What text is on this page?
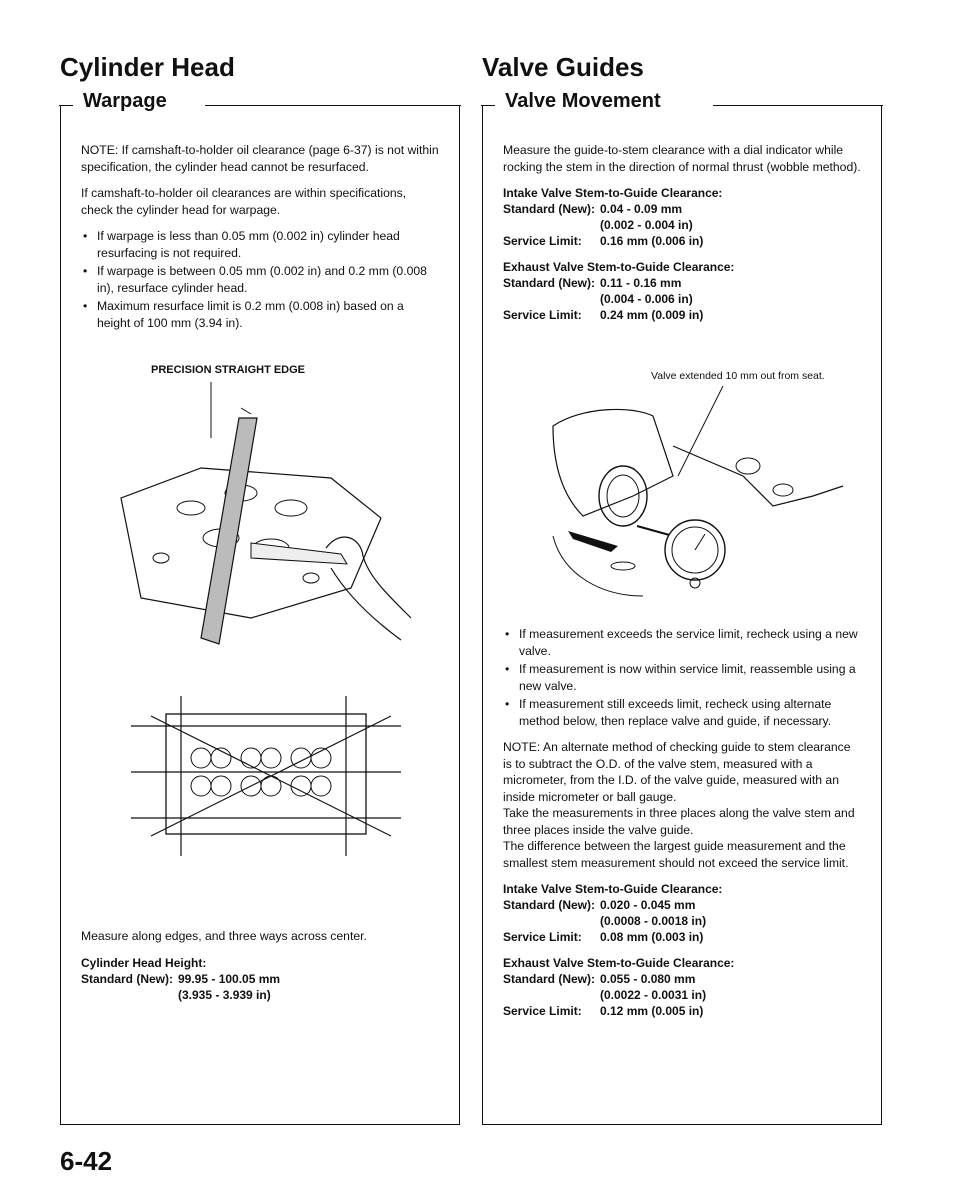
Cylinder Head
Warpage

NOTE: If camshaft-to-holder oil clearance (page 6-37) is not within specification, the cylinder head cannot be resurfaced.

If camshaft-to-holder oil clearances are within specifications, check the cylinder head for warpage.

• If warpage is less than 0.05 mm (0.002 in) cylinder head resurfacing is not required.
• If warpage is between 0.05 mm (0.002 in) and 0.2 mm (0.008 in), resurface cylinder head.
• Maximum resurface limit is 0.2 mm (0.008 in) based on a height of 100 mm (3.94 in).
PRECISION STRAIGHT EDGE

Measure along edges, and three ways across center.

Cylinder Head Height:
Standard (New): 99.95 - 100.05 mm
(3.935 - 3.939 in)
Valve Guides
Valve Movement

Measure the guide-to-stem clearance with a dial indicator while rocking the stem in the direction of normal thrust (wobble method).

Intake Valve Stem-to-Guide Clearance:
Standard (New): 0.04 - 0.09 mm
(0.002 - 0.004 in)
Service Limit:	0.16 mm (0.006 in)
Exhaust Valve Stem-to-Guide Clearance:
Standard (New): 0.11 - 0.16 mm
(0.004 - 0.006 in)
Service Limit:	0.24 mm (0.009 in)
Valve extended 10 mm out from seat.
• If measurement exceeds the service limit, recheck using a new valve.
• If measurement is now within service limit, reassemble using a new valve.
• If measurement still exceeds limit, recheck using alternate method below, then replace valve and guide, if necessary.

NOTE: An alternate method of checking guide to stem clearance is to subtract the O.D. of the valve stem, measured with a micrometer, from the I.D. of the valve guide, measured with an inside micrometer or ball gauge.

Take the measurements in three places along the valve stem and three places inside the valve guide.

The difference between the largest guide measurement and the smallest stem measurement should not exceed the service limit.

Intake Valve Stem-to-Guide Clearance:
Standard (New): 0.020 - 0.045 mm
(0.0008 - 0.0018 in)
Service Limit:	0.08 mm (0.003 in)
Exhaust Valve Stem-to-Guide Clearance:
Standard (New): 0.055 - 0.080 mm
(0.0022 - 0.0031 in)
Service Limit:	0.12 mm (0.005 in)
6-42
